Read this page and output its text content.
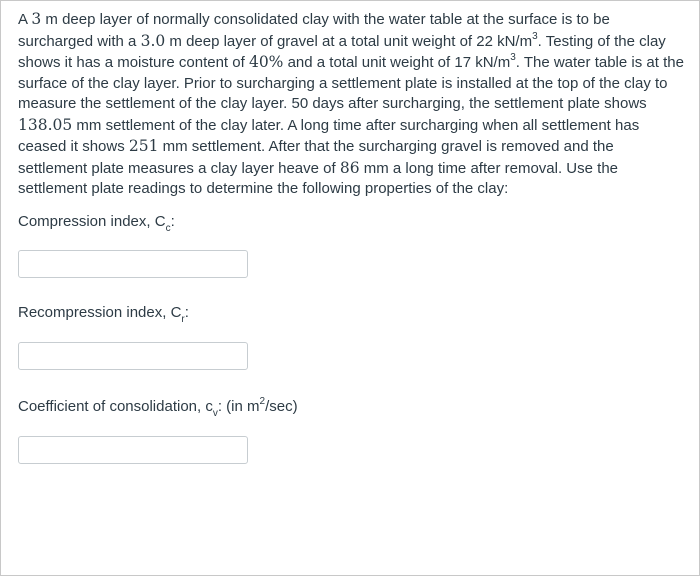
A 3 m deep layer of normally consolidated clay with the water table at the surface is to be surcharged with a 3.0 m deep layer of gravel at a total unit weight of 22 $kN/m^3$. Testing of the clay shows it has a moisture content of 40% and a total unit weight of 17 $kN/m^3$. The water table is at the surface of the clay layer. Prior to surcharging a settlement plate is installed at the top of the clay to measure the settlement of the clay layer. 50 days after surcharging, the settlement plate shows 138.05 mm settlement of the clay later. A long time after surcharging when all settlement has ceased it shows 251 mm settlement. After that the surcharging gravel is removed and the settlement plate measures a clay layer heave of 86 mm a long time after removal. Use the settlement plate readings to determine the following properties of the clay:

Compression index, $C_c$:

Recompression index, $C_r$:

Coefficient of consolidation, $c_v$: (in $m^2/\sec$)
